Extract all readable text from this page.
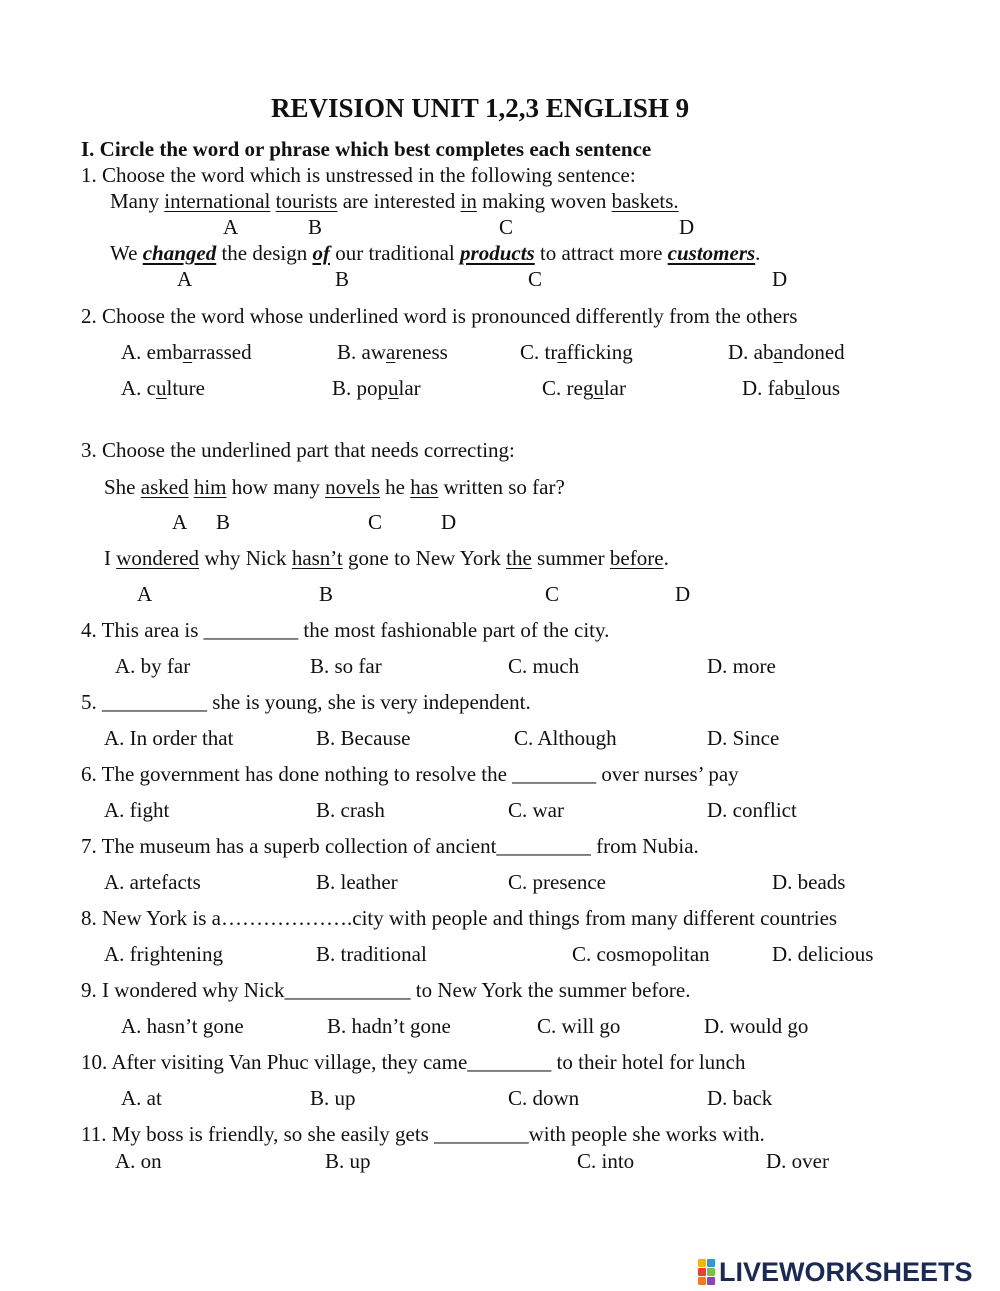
REVISION UNIT 1,2,3 ENGLISH 9
I. Circle the word or phrase which best completes each sentence
1. Choose the word which is unstressed in the following sentence:
Many international tourists are interested in making woven baskets.
A	B	C	D
We changed the design of our traditional products to attract more customers.
A	B	C	D
2. Choose the word whose underlined word is pronounced differently from the others
A. embarrassed	B. awareness	C. trafficking	D. abandoned
A. culture	B. popular	C. regular	D. fabulous
3. Choose the underlined part that needs correcting:
She asked him how many novels he has written so far?
A B	C	D
I wondered why Nick hasn’t gone to New York the summer before.
A	B	C	D
4. This area is _________ the most fashionable part of the city.
A. by far	B. so far	C. much	D. more
5. __________ she is young, she is very independent.
A. In order that	B. Because	C. Although	D. Since
6. The government has done nothing to resolve the ________ over nurses’ pay
A. fight	B. crash	C. war	D. conflict
7. The museum has a superb collection of ancient_________ from Nubia.
A. artefacts	B. leather	C. presence	D. beads
8. New York is a……………….city with people and things from many different countries
A. frightening	B. traditional	C. cosmopolitan	D. delicious
9. I wondered why Nick____________ to New York the summer before.
A. hasn’t gone	B. hadn’t gone	C. will go	D. would go
10. After visiting Van Phuc village, they came________ to their hotel for lunch
A. at	B. up	C. down	D. back
11. My boss is friendly, so she easily gets _________with people she works with.
A. on	B. up	C. into	D. over
LIVEWORKSHEETS
